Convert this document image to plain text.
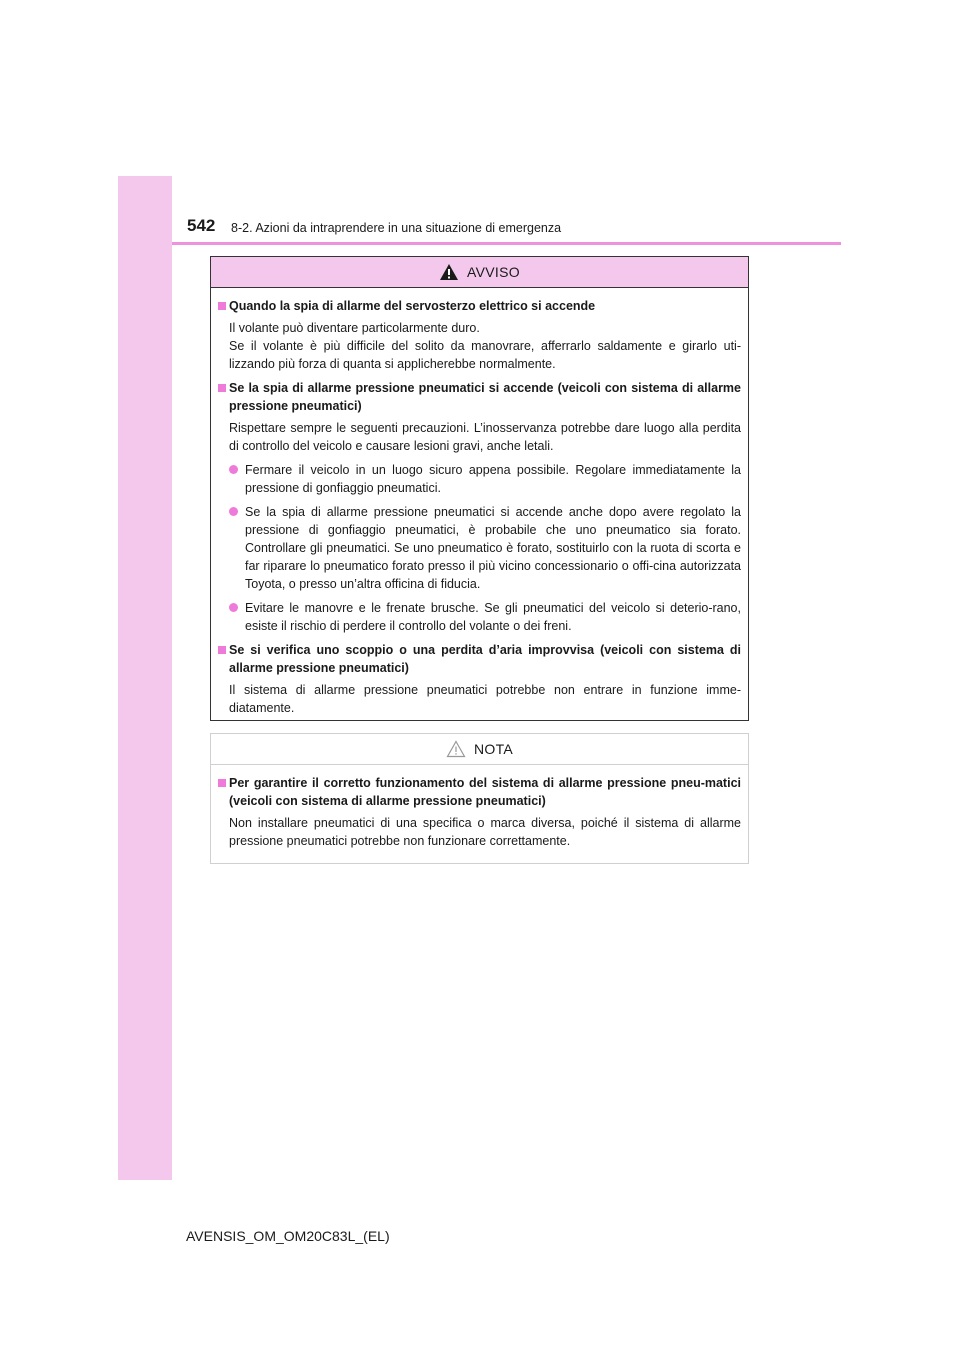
542 8-2. Azioni da intraprendere in una situazione di emergenza
AVVISO
Quando la spia di allarme del servosterzo elettrico si accende
Il volante può diventare particolarmente duro.
Se il volante è più difficile del solito da manovrare, afferrarlo saldamente e girarlo uti-lizzando più forza di quanta si applicherebbe normalmente.
Se la spia di allarme pressione pneumatici si accende (veicoli con sistema di allarme pressione pneumatici)
Rispettare sempre le seguenti precauzioni. L’inosservanza potrebbe dare luogo alla perdita di controllo del veicolo e causare lesioni gravi, anche letali.
Fermare il veicolo in un luogo sicuro appena possibile. Regolare immediatamente la pressione di gonfiaggio pneumatici.
Se la spia di allarme pressione pneumatici si accende anche dopo avere regolato la pressione di gonfiaggio pneumatici, è probabile che uno pneumatico sia forato. Controllare gli pneumatici. Se uno pneumatico è forato, sostituirlo con la ruota di scorta e far riparare lo pneumatico forato presso il più vicino concessionario o offi-cina autorizzata Toyota, o presso un’altra officina di fiducia.
Evitare le manovre e le frenate brusche. Se gli pneumatici del veicolo si deterio-rano, esiste il rischio di perdere il controllo del volante o dei freni.
Se si verifica uno scoppio o una perdita d’aria improvvisa (veicoli con sistema di allarme pressione pneumatici)
Il sistema di allarme pressione pneumatici potrebbe non entrare in funzione imme-diatamente.
NOTA
Per garantire il corretto funzionamento del sistema di allarme pressione pneu-matici (veicoli con sistema di allarme pressione pneumatici)
Non installare pneumatici di una specifica o marca diversa, poiché il sistema di allarme pressione pneumatici potrebbe non funzionare correttamente.
AVENSIS_OM_OM20C83L_(EL)
